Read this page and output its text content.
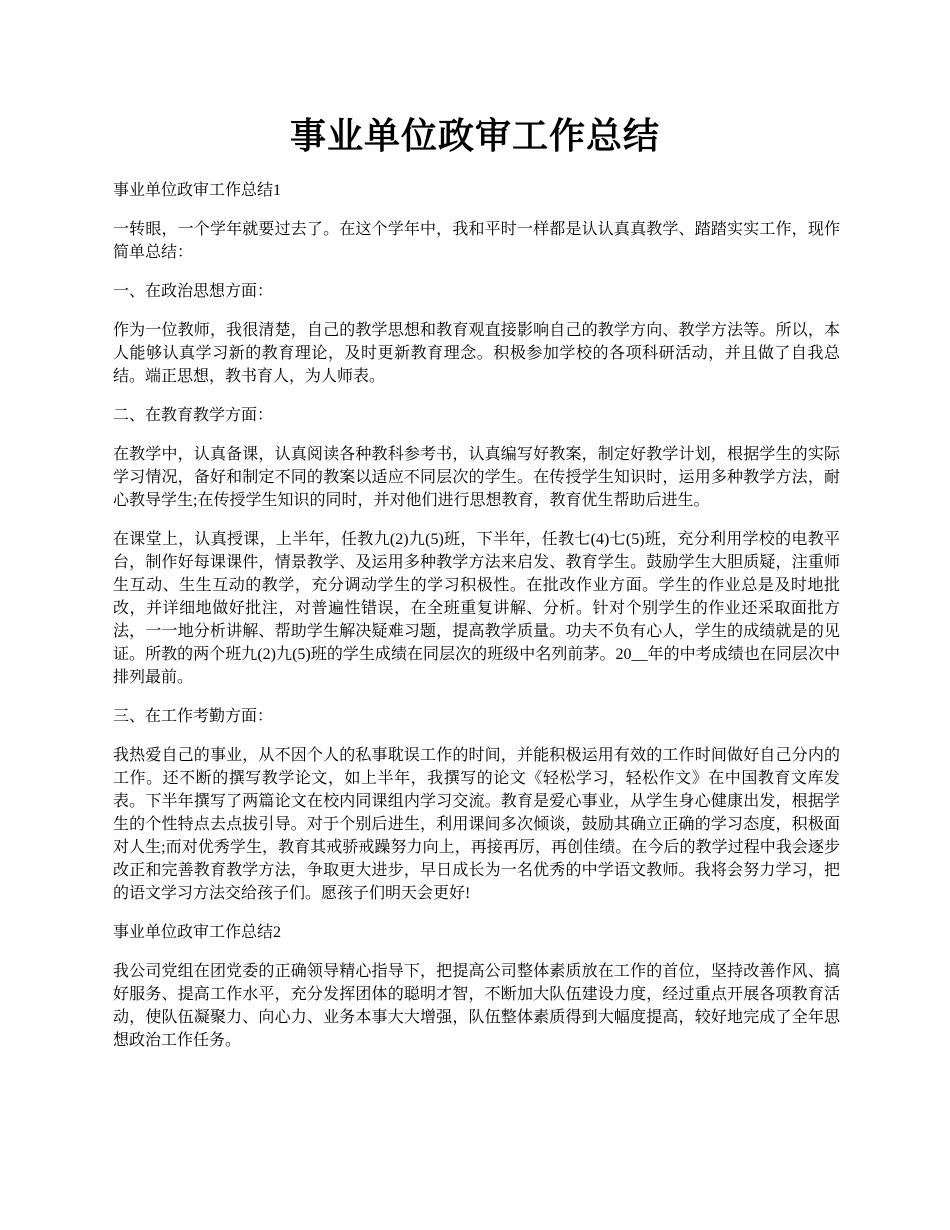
事业单位政审工作总结

事业单位政审工作总结1

一转眼，一个学年就要过去了。在这个学年中，我和平时一样都是认认真真教学、踏踏实实工作，现作简单总结：

一、在政治思想方面：

作为一位教师，我很清楚，自己的教学思想和教育观直接影响自己的教学方向、教学方法等。所以，本人能够认真学习新的教育理论，及时更新教育理念。积极参加学校的各项科研活动，并且做了自我总结。端正思想，教书育人，为人师表。

二、在教育教学方面：

在教学中，认真备课，认真阅读各种教科参考书，认真编写好教案，制定好教学计划，根据学生的实际学习情况，备好和制定不同的教案以适应不同层次的学生。在传授学生知识时，运用多种教学方法，耐心教导学生;在传授学生知识的同时，并对他们进行思想教育，教育优生帮助后进生。

在课堂上，认真授课，上半年，任教九(2)九(5)班，下半年，任教七(4)七(5)班，充分利用学校的电教平台，制作好每课课件，情景教学、及运用多种教学方法来启发、教育学生。鼓励学生大胆质疑，注重师生互动、生生互动的教学，充分调动学生的学习积极性。在批改作业方面。学生的作业总是及时地批改，并详细地做好批注，对普遍性错误，在全班重复讲解、分析。针对个别学生的作业还采取面批方法，一一地分析讲解、帮助学生解决疑难习题，提高教学质量。功夫不负有心人，学生的成绩就是的见证。所教的两个班九(2)九(5)班的学生成绩在同层次的班级中名列前茅。20__年的中考成绩也在同层次中排列最前。

三、在工作考勤方面：

我热爱自己的事业，从不因个人的私事耽误工作的时间，并能积极运用有效的工作时间做好自己分内的工作。还不断的撰写教学论文，如上半年，我撰写的论文《轻松学习，轻松作文》在中国教育文库发表。下半年撰写了两篇论文在校内同课组内学习交流。教育是爱心事业，从学生身心健康出发，根据学生的个性特点去点拔引导。对于个别后进生，利用课间多次倾谈，鼓励其确立正确的学习态度，积极面对人生;而对优秀学生，教育其戒骄戒躁努力向上，再接再厉，再创佳绩。在今后的教学过程中我会逐步改正和完善教育教学方法，争取更大进步，早日成长为一名优秀的中学语文教师。我将会努力学习，把的语文学习方法交给孩子们。愿孩子们明天会更好!

事业单位政审工作总结2

我公司党组在团党委的正确领导精心指导下，把提高公司整体素质放在工作的首位，坚持改善作风、搞好服务、提高工作水平，充分发挥团体的聪明才智，不断加大队伍建设力度，经过重点开展各项教育活动，使队伍凝聚力、向心力、业务本事大大增强，队伍整体素质得到大幅度提高，较好地完成了全年思想政治工作任务。
